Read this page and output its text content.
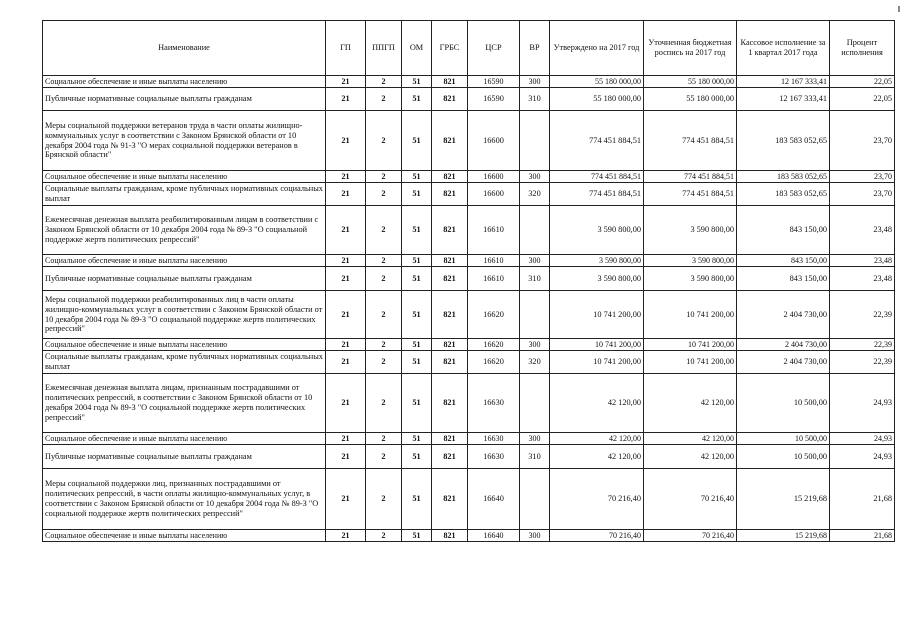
Наименование	ГП	ППГП	ОМ	ГРБС	ЦСР	ВР	Утверждено на 2017 год	Уточненная бюджетная роспись на 2017 год	Кассовое исполнение за 1 квартал 2017 года	Процент исполнения
Социальное обеспечение и иные выплаты населению	21	2	51	821	16590	300	55 180 000,00	55 180 000,00	12 167 333,41	22,05
Публичные нормативные социальные выплаты гражданам	21	2	51	821	16590	310	55 180 000,00	55 180 000,00	12 167 333,41	22,05
Меры социальной поддержки ветеранов труда в части оплаты жилищно-коммунальных услуг в соответствии с Законом Брянской области от 10 декабря 2004 года № 91-З "О мерах социальной поддержки ветеранов в Брянской области"	21	2	51	821	16600		774 451 884,51	774 451 884,51	183 583 052,65	23,70
Социальное обеспечение и иные выплаты населению	21	2	51	821	16600	300	774 451 884,51	774 451 884,51	183 583 052,65	23,70
Социальные выплаты гражданам, кроме публичных нормативных социальных выплат	21	2	51	821	16600	320	774 451 884,51	774 451 884,51	183 583 052,65	23,70
Ежемесячная денежная выплата реабилитированным лицам в соответствии с Законом Брянской области от 10 декабря 2004 года № 89-З "О социальной поддержке жертв политических репрессий"	21	2	51	821	16610		3 590 800,00	3 590 800,00	843 150,00	23,48
Социальное обеспечение и иные выплаты населению	21	2	51	821	16610	300	3 590 800,00	3 590 800,00	843 150,00	23,48
Публичные нормативные социальные выплаты гражданам	21	2	51	821	16610	310	3 590 800,00	3 590 800,00	843 150,00	23,48
Меры социальной поддержки реабилитированных лиц в части оплаты жилищно-коммунальных услуг в соответствии с Законом Брянской области от 10 декабря 2004 года № 89-З "О социальной поддержке жертв политических репрессий"	21	2	51	821	16620		10 741 200,00	10 741 200,00	2 404 730,00	22,39
Социальное обеспечение и иные выплаты населению	21	2	51	821	16620	300	10 741 200,00	10 741 200,00	2 404 730,00	22,39
Социальные выплаты гражданам, кроме публичных нормативных социальных выплат	21	2	51	821	16620	320	10 741 200,00	10 741 200,00	2 404 730,00	22,39
Ежемесячная денежная выплата лицам, признанным пострадавшими от политических репрессий, в соответствии с Законом Брянской области от 10 декабря 2004 года № 89-З "О социальной поддержке жертв политических репрессий"	21	2	51	821	16630		42 120,00	42 120,00	10 500,00	24,93
Социальное обеспечение и иные выплаты населению	21	2	51	821	16630	300	42 120,00	42 120,00	10 500,00	24,93
Публичные нормативные социальные выплаты гражданам	21	2	51	821	16630	310	42 120,00	42 120,00	10 500,00	24,93
Меры социальной поддержки лиц, признанных пострадавшими от политических репрессий, в части оплаты жилищно-коммунальных услуг, в соответствии с Законом Брянской области от 10 декабря 2004 года № 89-З "О социальной поддержке жертв политических репрессий"	21	2	51	821	16640		70 216,40	70 216,40	15 219,68	21,68
Социальное обеспечение и иные выплаты населению	21	2	51	821	16640	300	70 216,40	70 216,40	15 219,68	21,68
